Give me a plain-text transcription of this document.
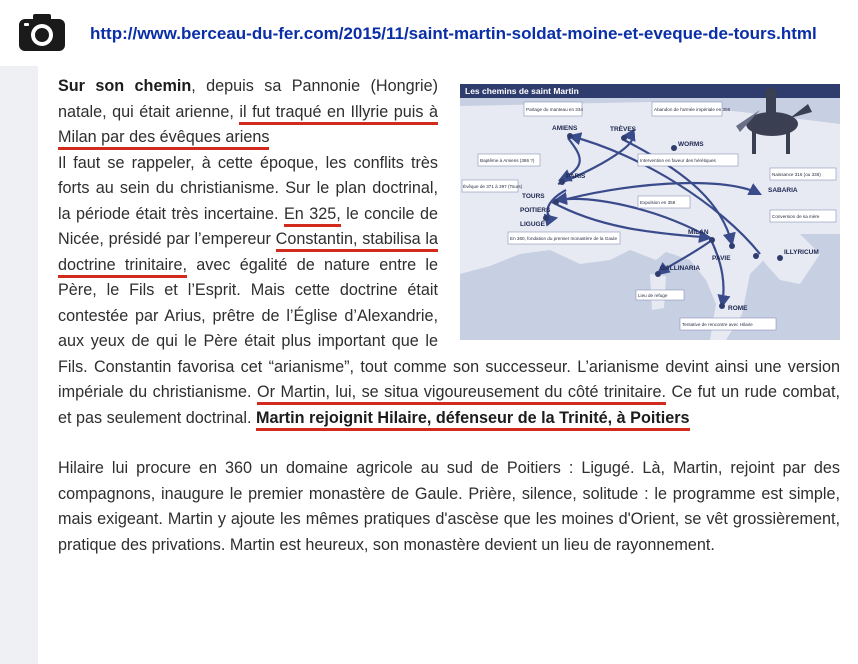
http://www.berceau-du-fer.com/2015/11/saint-martin-soldat-moine-et-eveque-de-tours.html
Les chemins de saint Martin
AMIENS	TRÈVES
WORMS
PARIS
TOURS
POITIERS
LIGUGÉ
SABARIA
MILAN
PAVIE
GALLINARIA
ROME
ILLYRICUM
Partage du manteau en 334	Abandon de l'armée impériale en 356
Baptême à Amiens (386 ?)
Évêque de 371 à 397 (Tours)
En 360, fondation du premier monastère de la Gaule
Intervention en faveur des hérétiques
Expulsion en 358
Conversion de sa mère
Naissance 316 (ou 336)
Lieu de refuge
Tentative de rencontre avec Hilaire

Sur son chemin, depuis sa Pannonie (Hongrie) natale, qui était arienne, il fut traqué en Illyrie puis à Milan par des évêques ariens
Il faut se rappeler, à cette époque, les conflits très forts au sein du christianisme. Sur le plan doctrinal, la période était très incertaine. En 325, le concile de Nicée, présidé par l’empereur Constantin, stabilisa la doctrine trinitaire, avec égalité de nature entre le Père, le Fils et l’Esprit. Mais cette doctrine était contestée par Arius, prêtre de l’Église d’Alexandrie, aux yeux de qui le Père était plus important que le Fils. Constantin favorisa cet “arianisme”, tout comme son successeur. L’arianisme devint ainsi une version impériale du christianisme. Or Martin, lui, se situa vigoureusement du côté trinitaire. Ce fut un rude combat, et pas seulement doctrinal. Martin rejoignit Hilaire, défenseur de la Trinité, à Poitiers

Hilaire lui procure en 360 un domaine agricole au sud de Poitiers : Ligugé. Là, Martin, rejoint par des compagnons, inaugure le premier monastère de Gaule. Prière, silence, solitude : le programme est simple, mais exigeant. Martin y ajoute les mêmes pratiques d'ascèse que les moines d'Orient, se vêt grossièrement, pratique des privations. Martin est heureux, son monastère devient un lieu de rayonnement.
